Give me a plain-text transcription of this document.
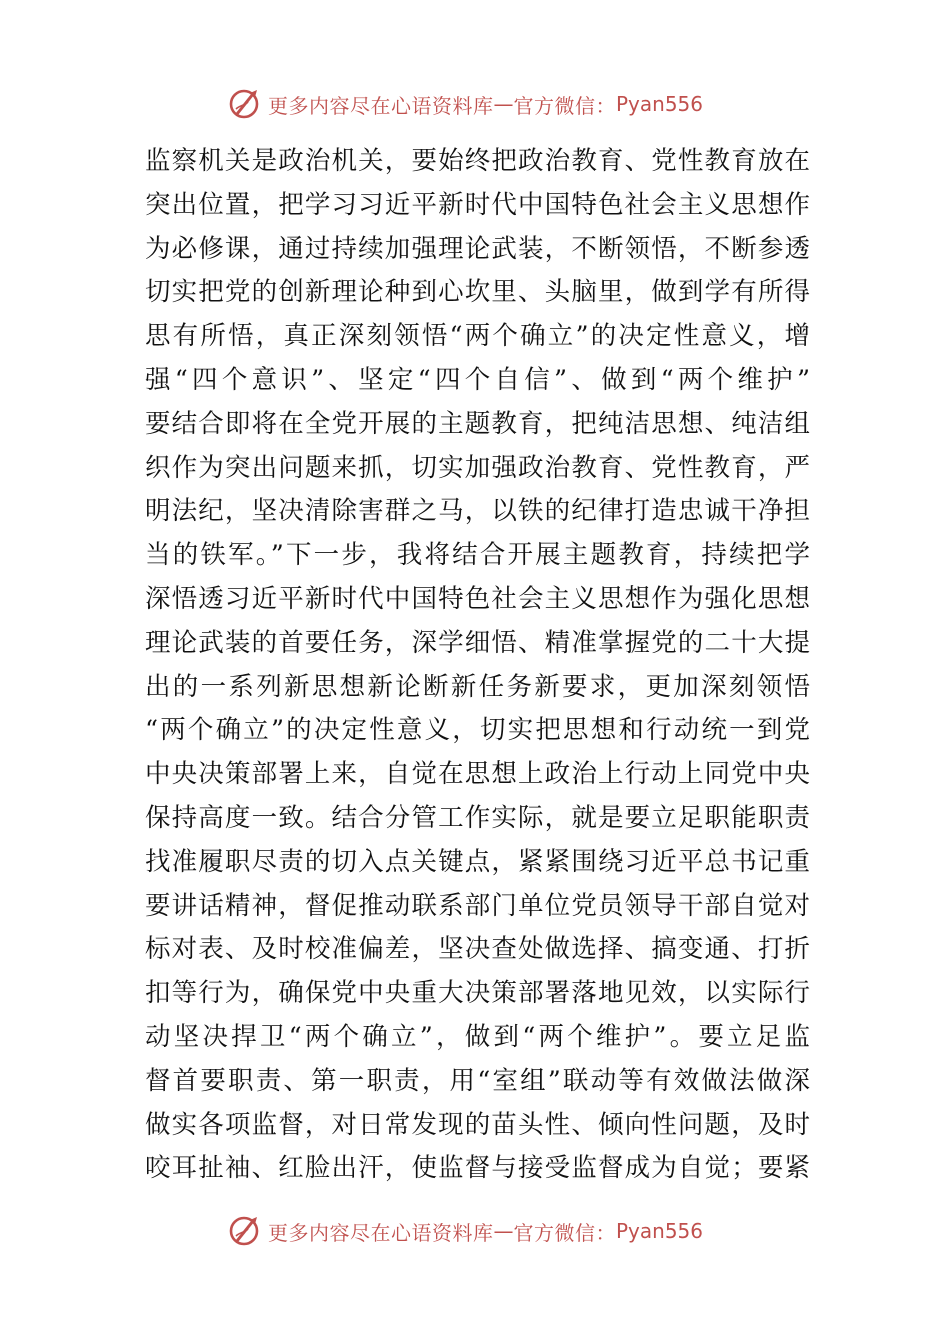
更多内容尽在心语资料库 — 官方微信： Pyan556
监察机关是政治机关，要始终把政治教育、党性教育放在
突出位置，把学习习近平新时代中国特色社会主义思想作
为必修课，通过持续加强理论武装，不断领悟，不断参透
切实把党的创新理论种到心坎里、头脑里，做到学有所得
思有所悟，真正深刻领悟“两个确立”的决定性意义，增
强“四个意识”、坚定“四个自信”、做到“两个维护”
要结合即将在全党开展的主题教育，把纯洁思想、纯洁组
织作为突出问题来抓，切实加强政治教育、党性教育，严
明法纪，坚决清除害群之马，以铁的纪律打造忠诚干净担
当的铁军。”下一步，我将结合开展主题教育，持续把学
深悟透习近平新时代中国特色社会主义思想作为强化思想
理论武装的首要任务，深学细悟、精准掌握党的二十大提
出的一系列新思想新论断新任务新要求，更加深刻领悟
“两个确立”的决定性意义，切实把思想和行动统一到党
中央决策部署上来，自觉在思想上政治上行动上同党中央
保持高度一致。结合分管工作实际，就是要立足职能职责
找准履职尽责的切入点关键点，紧紧围绕习近平总书记重
要讲话精神，督促推动联系部门单位党员领导干部自觉对
标对表、及时校准偏差，坚决查处做选择、搞变通、打折
扣等行为，确保党中央重大决策部署落地见效，以实际行
动坚决捍卫“两个确立”，做到“两个维护”。要立足监
督首要职责、第一职责，用“室组”联动等有效做法做深
做实各项监督，对日常发现的苗头性、倾向性问题，及时
咬耳扯袖、红脸出汗，使监督与接受监督成为自觉；要紧
更多内容尽在心语资料库 — 官方微信： Pyan556
